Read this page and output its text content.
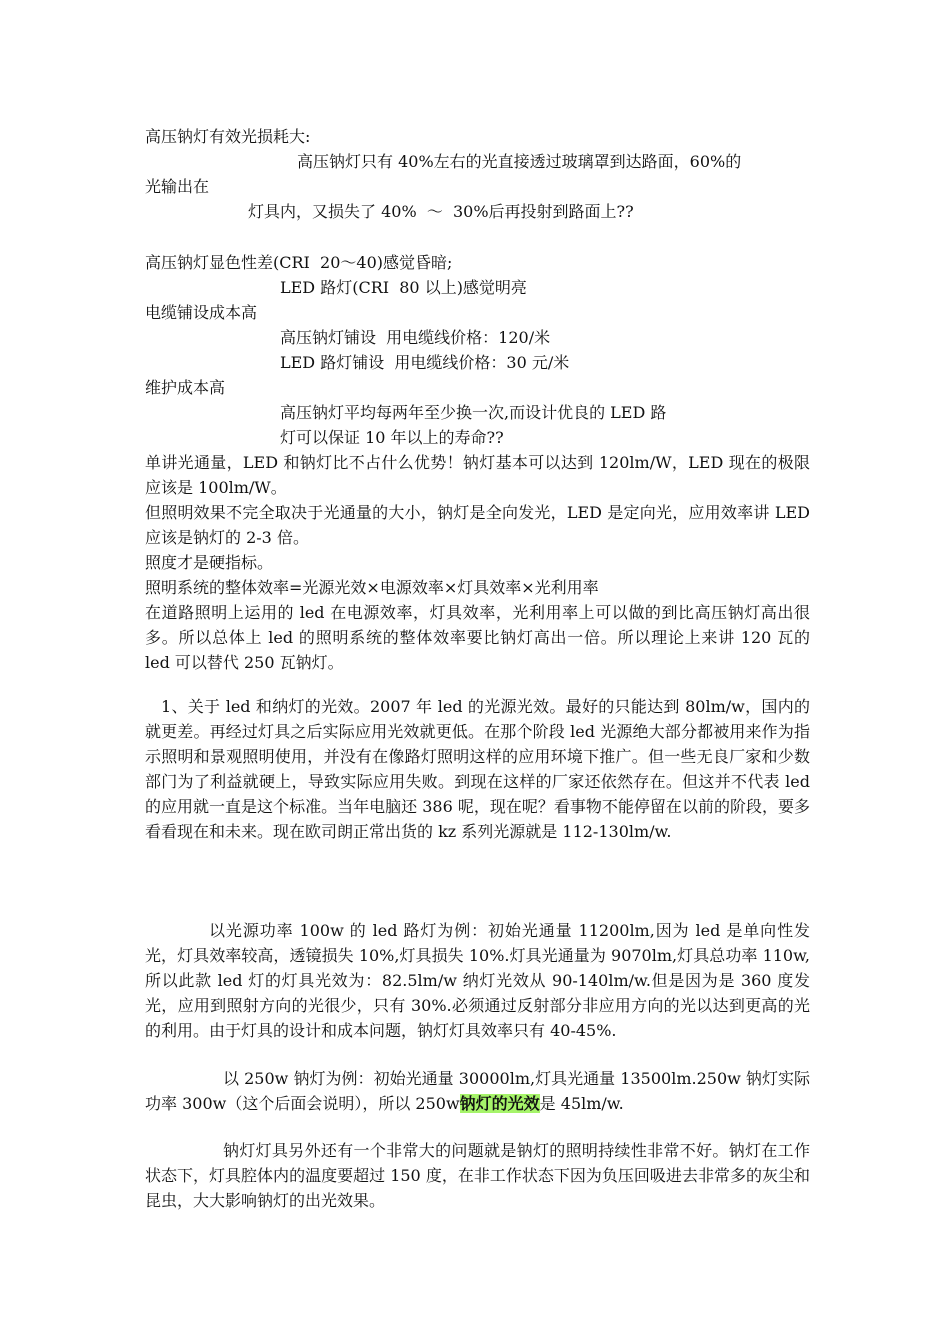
高压钠灯有效光损耗大:
高压钠灯只有 40%左右的光直接透过玻璃罩到达路面，60%的
光输出在
灯具内，又损失了 40%  ～  30%后再投射到路面上??
高压钠灯显色性差(CRI  20～40)感觉昏暗;
LED 路灯(CRI  80 以上)感觉明亮
电缆铺设成本高
高压钠灯铺设  用电缆线价格：120/米
LED 路灯铺设  用电缆线价格：30 元/米
维护成本高
高压钠灯平均每两年至少换一次,而设计优良的 LED 路
灯可以保证 10 年以上的寿命??
单讲光通量，LED 和钠灯比不占什么优势！钠灯基本可以达到 120lm/W，LED 现在的极限应该是 100lm/W。
但照明效果不完全取决于光通量的大小，钠灯是全向发光，LED 是定向光，应用效率讲 LED 应该是钠灯的 2-3 倍。
照度才是硬指标。
照明系统的整体效率=光源光效×电源效率×灯具效率×光利用率
在道路照明上运用的 led 在电源效率，灯具效率，光利用率上可以做的到比高压钠灯高出很多。所以总体上 led 的照明系统的整体效率要比钠灯高出一倍。所以理论上来讲 120 瓦的 led 可以替代 250 瓦钠灯。
1、关于 led 和纳灯的光效。2007 年 led 的光源光效。最好的只能达到 80lm/w，国内的就更差。再经过灯具之后实际应用光效就更低。在那个阶段 led 光源绝大部分都被用来作为指示照明和景观照明使用，并没有在像路灯照明这样的应用环境下推广。但一些无良厂家和少数部门为了利益就硬上，导致实际应用失败。到现在这样的厂家还依然存在。但这并不代表 led 的应用就一直是这个标准。当年电脑还 386 呢，现在呢？看事物不能停留在以前的阶段，要多看看现在和未来。现在欧司朗正常出货的 kz 系列光源就是 112-130lm/w.
以光源功率 100w 的 led 路灯为例：初始光通量 11200lm,因为 led 是单向性发光，灯具效率较高，透镜损失 10%,灯具损失 10%.灯具光通量为 9070lm,灯具总功率 110w,所以此款 led 灯的灯具光效为：82.5lm/w 纳灯光效从 90-140lm/w.但是因为是 360 度发光，应用到照射方向的光很少，只有 30%.必须通过反射部分非应用方向的光以达到更高的光的利用。由于灯具的设计和成本问题，钠灯灯具效率只有 40-45%.
以 250w 钠灯为例：初始光通量 30000lm,灯具光通量 13500lm.250w 钠灯实际功率 300w（这个后面会说明），所以 250w钠灯的光效是 45lm/w.
钠灯灯具另外还有一个非常大的问题就是钠灯的照明持续性非常不好。钠灯在工作状态下，灯具腔体内的温度要超过 150 度，在非工作状态下因为负压回吸进去非常多的灰尘和昆虫，大大影响钠灯的出光效果。
